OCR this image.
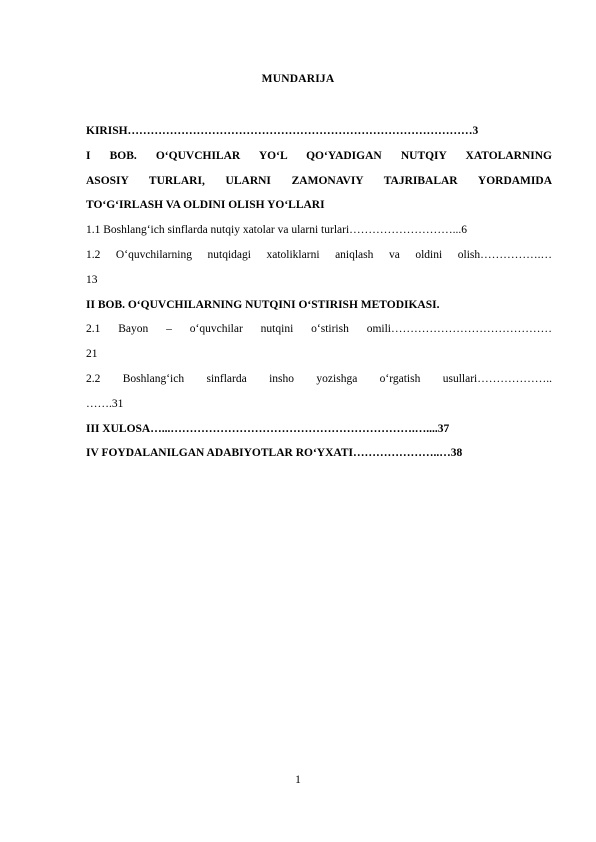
MUNDARIJA
KIRISH………………………………………………………………………………3
I BOB. O‘QUVCHILAR YO‘L QO‘YADIGAN NUTQIY XATOLARNING
ASOSIY TURLARI, ULARNI ZAMONAVIY TAJRIBALAR YORDAMIDA
TO‘G‘IRLASH VA OLDINI OLISH YO‘LLARI
1.1 Boshlang‘ich sinflarda nutqiy xatolar va ularni turlari………………………...6
1.2 O‘quvchilarning nutqidagi xatoliklarni aniqlash va oldini olish…………….…
13
II BOB. O‘QUVCHILARNING NUTQINI O‘STIRISH METODIKASI.
2.1 Bayon – o‘quvchilar nutqini o‘stirish omili……………………………………
21
2.2 Boshlang‘ich sinflarda insho yozishga o‘rgatish usullari………………..
…….31
III XULOSA…...……………………………………………………….…....37
IV FOYDALANILGAN ADABIYOTLAR RO‘YXATI…………………..…38
1
